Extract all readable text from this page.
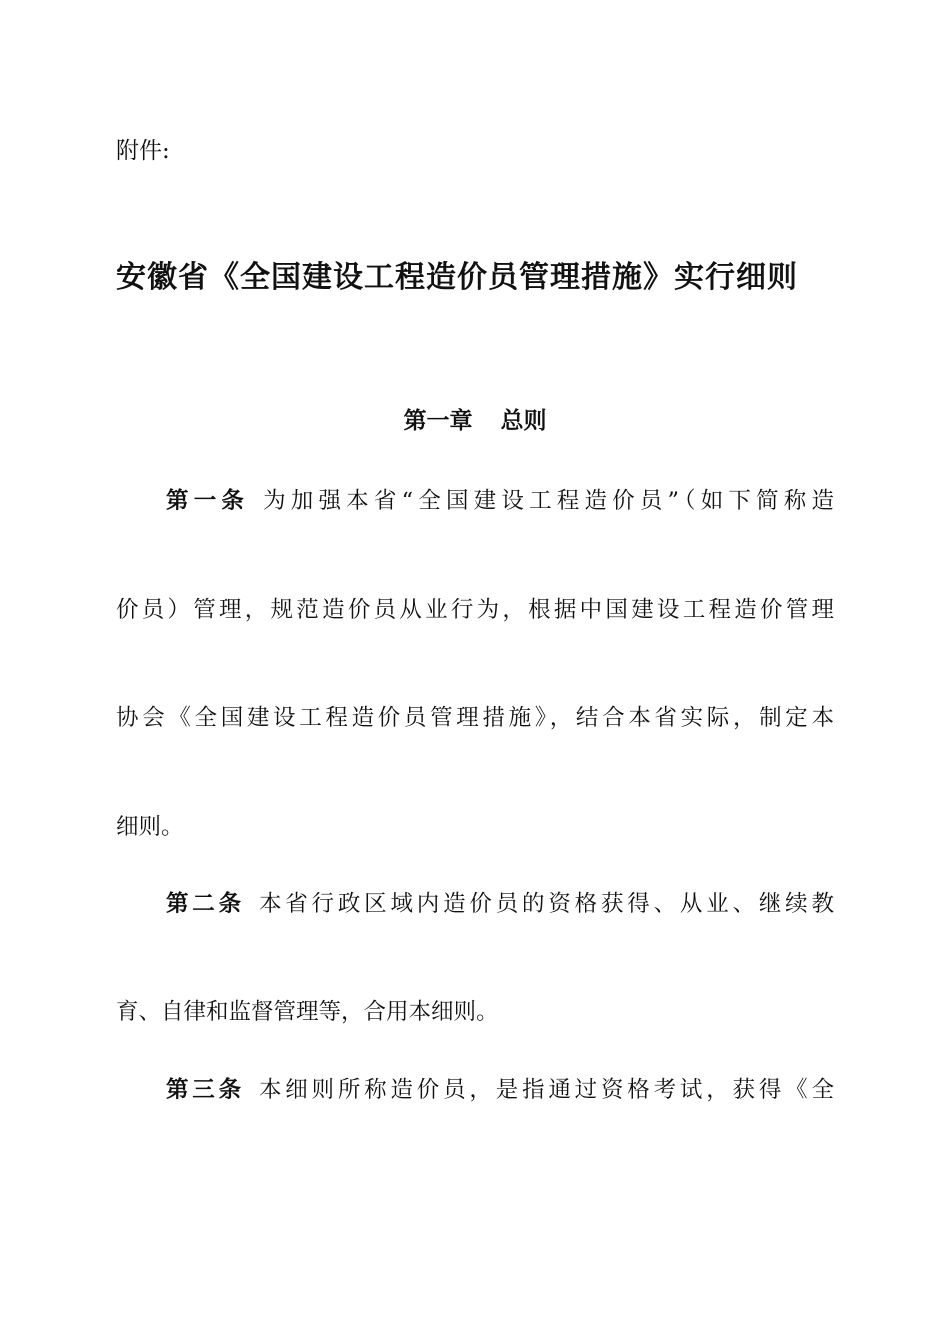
附件:
安徽省《全国建设工程造价员管理措施》实行细则
第一章 总则
第一条 为加强本省“全国建设工程造价员”（如下简称造
价员）管理，规范造价员从业行为，根据中国建设工程造价管理
协会《全国建设工程造价员管理措施》，结合本省实际，制定本
细则。
第二条 本省行政区域内造价员的资格获得、从业、继续教
育、自律和监督管理等，合用本细则。
第三条 本细则所称造价员，是指通过资格考试，获得《全
